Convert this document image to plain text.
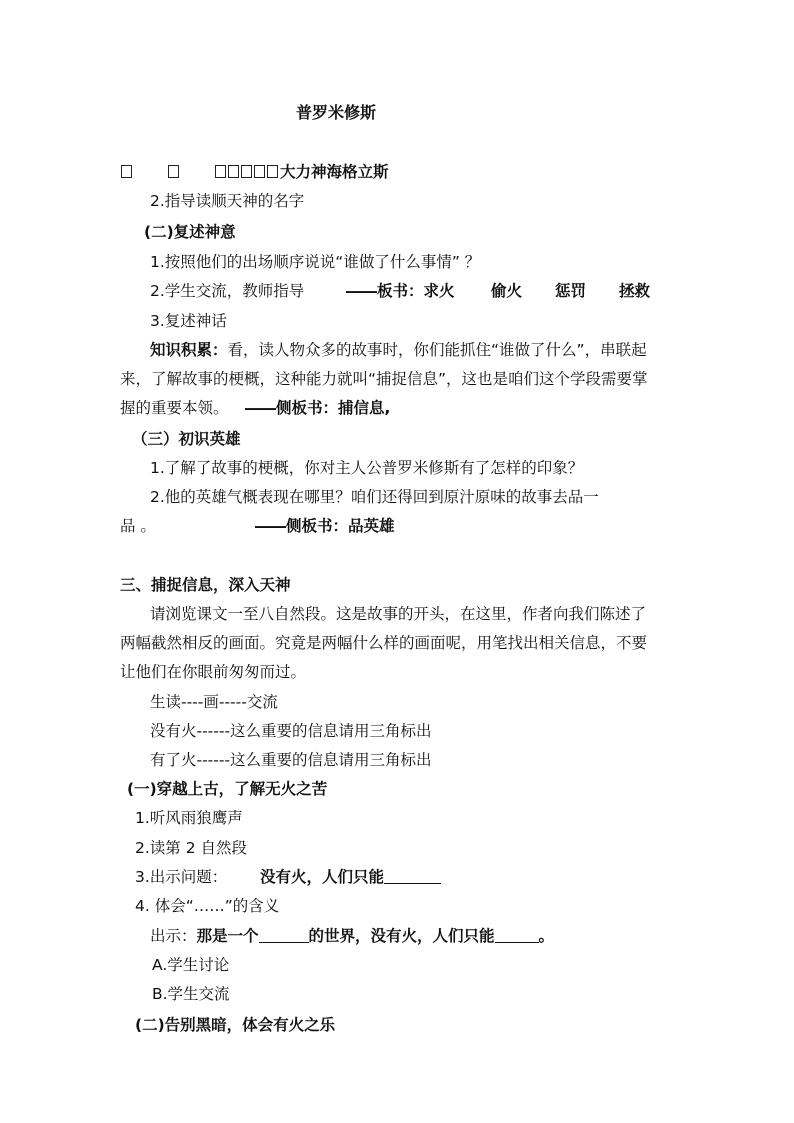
普罗米修斯
大力神海格立斯
2.指导读顺天神的名字
(二)复述神意
1.按照他们的出场顺序说说“谁做了什么事情” ？
2.学生交流，教师指导	――板书：求火 偷火 惩罚 拯救
3.复述神话
知识积累：看，读人物众多的故事时，你们能抓住“谁做了什么”，串联起
来，了解故事的梗概，这种能力就叫“捕捉信息”，这也是咱们这个学段需要掌
握的重要本领。 ――侧板书：捕信息,
（三）初识英雄
1.了解了故事的梗概，你对主人公普罗米修斯有了怎样的印象？
2.他的英雄气概表现在哪里？咱们还得回到原汁原味的故事去品一
品 。	――侧板书：品英雄
三、捕捉信息，深入天神
请浏览课文一至八自然段。这是故事的开头，在这里，作者向我们陈述了
两幅截然相反的画面。究竟是两幅什么样的画面呢，用笔找出相关信息，不要
让他们在你眼前匆匆而过。
生读----画-----交流
没有火------这么重要的信息请用三角标出
有了火------这么重要的信息请用三角标出
(一)穿越上古，了解无火之苦
1.听风雨狼鹰声
2.读第 2 自然段
3.出示问题： 没有火，人们只能
4. 体会“……”的含义
出示：那是一个	的世界，没有火，人们只能	。
A.学生讨论
B.学生交流
(二)告别黑暗，体会有火之乐
